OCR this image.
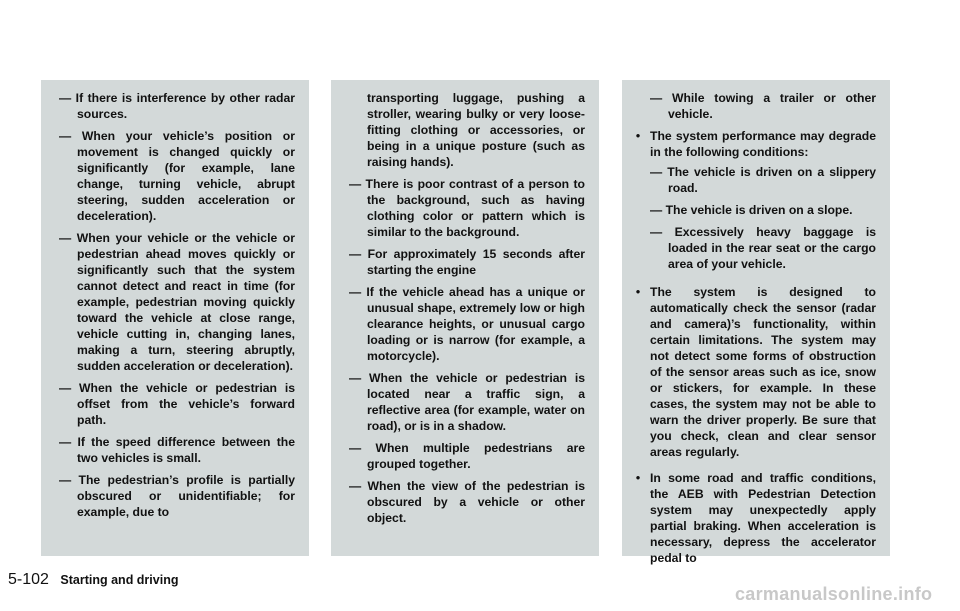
— If there is interference by other radar sources.
— When your vehicle’s position or movement is changed quickly or significantly (for example, lane change, turning vehicle, abrupt steering, sudden acceleration or deceleration).
— When your vehicle or the vehicle or pedestrian ahead moves quickly or significantly such that the system cannot detect and react in time (for example, pedestrian moving quickly toward the vehicle at close range, vehicle cutting in, changing lanes, making a turn, steering abruptly, sudden acceleration or deceleration).
— When the vehicle or pedestrian is offset from the vehicle’s forward path.
— If the speed difference between the two vehicles is small.
— The pedestrian’s profile is partially obscured or unidentifiable; for example, due to
transporting luggage, pushing a stroller, wearing bulky or very loose-fitting clothing or accessories, or being in a unique posture (such as raising hands).
— There is poor contrast of a person to the background, such as having clothing color or pattern which is similar to the background.
— For approximately 15 seconds after starting the engine
— If the vehicle ahead has a unique or unusual shape, extremely low or high clearance heights, or unusual cargo loading or is narrow (for example, a motorcycle).
— When the vehicle or pedestrian is located near a traffic sign, a reflective area (for example, water on road), or is in a shadow.
— When multiple pedestrians are grouped together.
— When the view of the pedestrian is obscured by a vehicle or other object.
— While towing a trailer or other vehicle.
• The system performance may degrade in the following conditions:

— The vehicle is driven on a slippery road.
— The vehicle is driven on a slope.
— Excessively heavy baggage is loaded in the rear seat or the cargo area of your vehicle.
• The system is designed to automatically check the sensor (radar and camera)’s functionality, within certain limitations. The system may not detect some forms of obstruction of the sensor areas such as ice, snow or stickers, for example. In these cases, the system may not be able to warn the driver properly. Be sure that you check, clean and clear sensor areas regularly.

• In some road and traffic conditions, the AEB with Pedestrian Detection system may unexpectedly apply partial braking. When acceleration is necessary, depress the accelerator pedal to

5-102 Starting and driving
carmanualsonline.info
